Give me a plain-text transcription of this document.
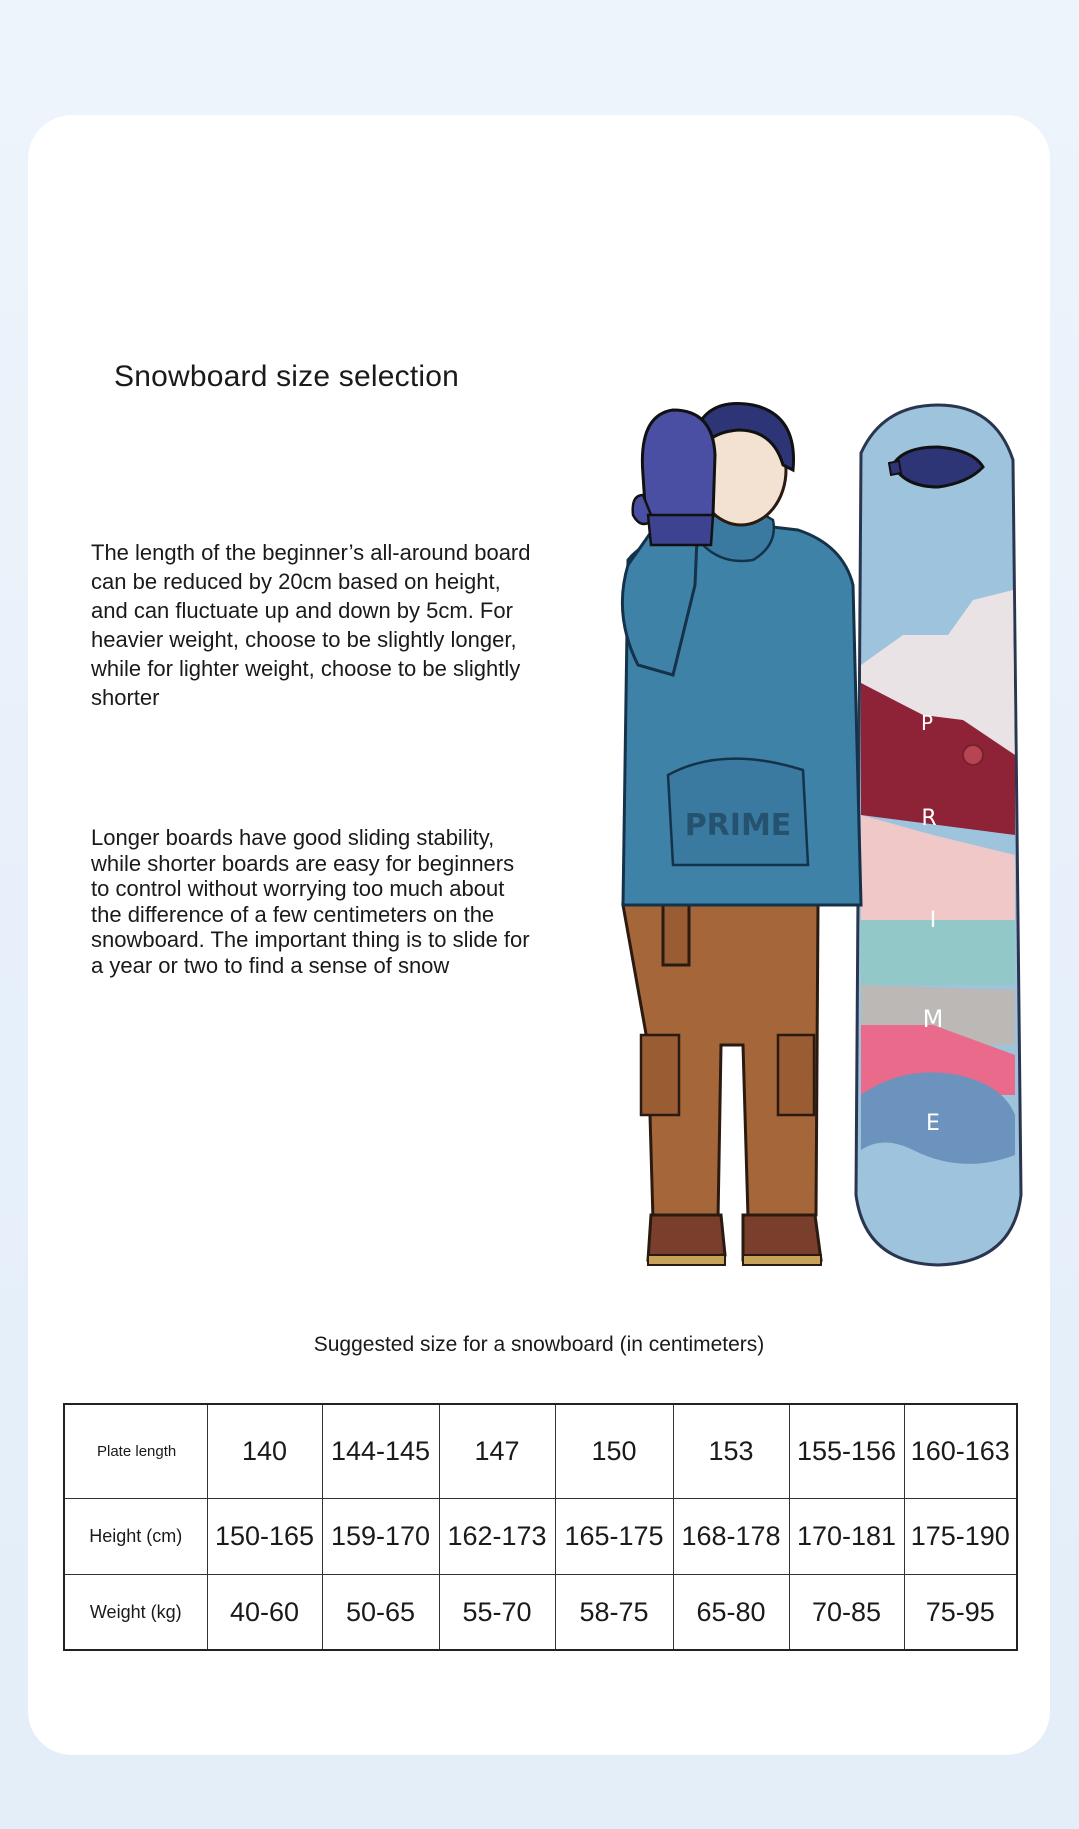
Snowboard size selection
The length of the beginner’s all-around board can be reduced by 20cm based on height, and can fluctuate up and down by 5cm. For heavier weight, choose to be slightly longer, while for lighter weight, choose to be slightly shorter
Longer boards have good sliding stability, while shorter boards are easy for beginners to control without worrying too much about the difference of a few centimeters on the snowboard. The important thing is to slide for a year or two to find a sense of snow
P
R
I
M
E
PRIME
Suggested size for a snowboard (in centimeters)
Plate length	140	144-145	147	150	153	155-156	160-163
Height (cm)	150-165	159-170	162-173	165-175	168-178	170-181	175-190
Weight (kg)	40-60	50-65	55-70	58-75	65-80	70-85	75-95
